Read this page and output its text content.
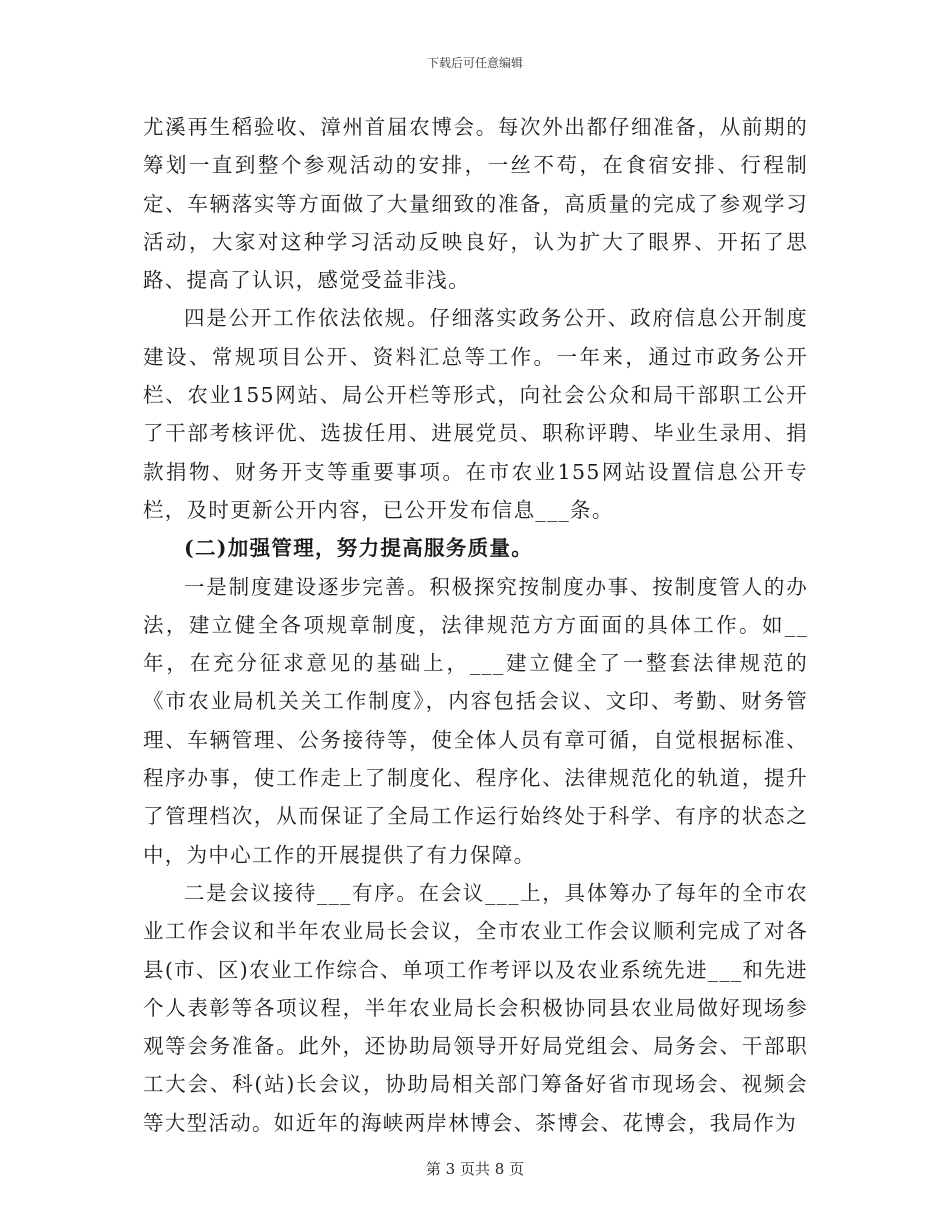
下载后可任意编辑

尤溪再生稻验收、漳州首届农博会。每次外出都仔细准备，从前期的筹划一直到整个参观活动的安排，一丝不苟，在食宿安排、行程制定、车辆落实等方面做了大量细致的准备，高质量的完成了参观学习活动，大家对这种学习活动反映良好，认为扩大了眼界、开拓了思路、提高了认识，感觉受益非浅。

四是公开工作依法依规。仔细落实政务公开、政府信息公开制度建设、常规项目公开、资料汇总等工作。一年来，通过市政务公开栏、农业155网站、局公开栏等形式，向社会公众和局干部职工公开了干部考核评优、选拔任用、进展党员、职称评聘、毕业生录用、捐款捐物、财务开支等重要事项。在市农业155网站设置信息公开专栏，及时更新公开内容，已公开发布信息___条。

(二)加强管理，努力提高服务质量。

一是制度建设逐步完善。积极探究按制度办事、按制度管人的办法，建立健全各项规章制度，法律规范方方面面的具体工作。如__年，在充分征求意见的基础上，___建立健全了一整套法律规范的《市农业局机关关工作制度》，内容包括会议、文印、考勤、财务管理、车辆管理、公务接待等，使全体人员有章可循，自觉根据标准、程序办事，使工作走上了制度化、程序化、法律规范化的轨道，提升了管理档次，从而保证了全局工作运行始终处于科学、有序的状态之中，为中心工作的开展提供了有力保障。

二是会议接待___有序。在会议___上，具体筹办了每年的全市农业工作会议和半年农业局长会议，全市农业工作会议顺利完成了对各县(市、区)农业工作综合、单项工作考评以及农业系统先进___和先进个人表彰等各项议程，半年农业局长会积极协同县农业局做好现场参观等会务准备。此外，还协助局领导开好局党组会、局务会、干部职工大会、科(站)长会议，协助局相关部门筹备好省市现场会、视频会等大型活动。如近年的海峡两岸林博会、茶博会、花博会，我局作为

第 3 页共 8 页
